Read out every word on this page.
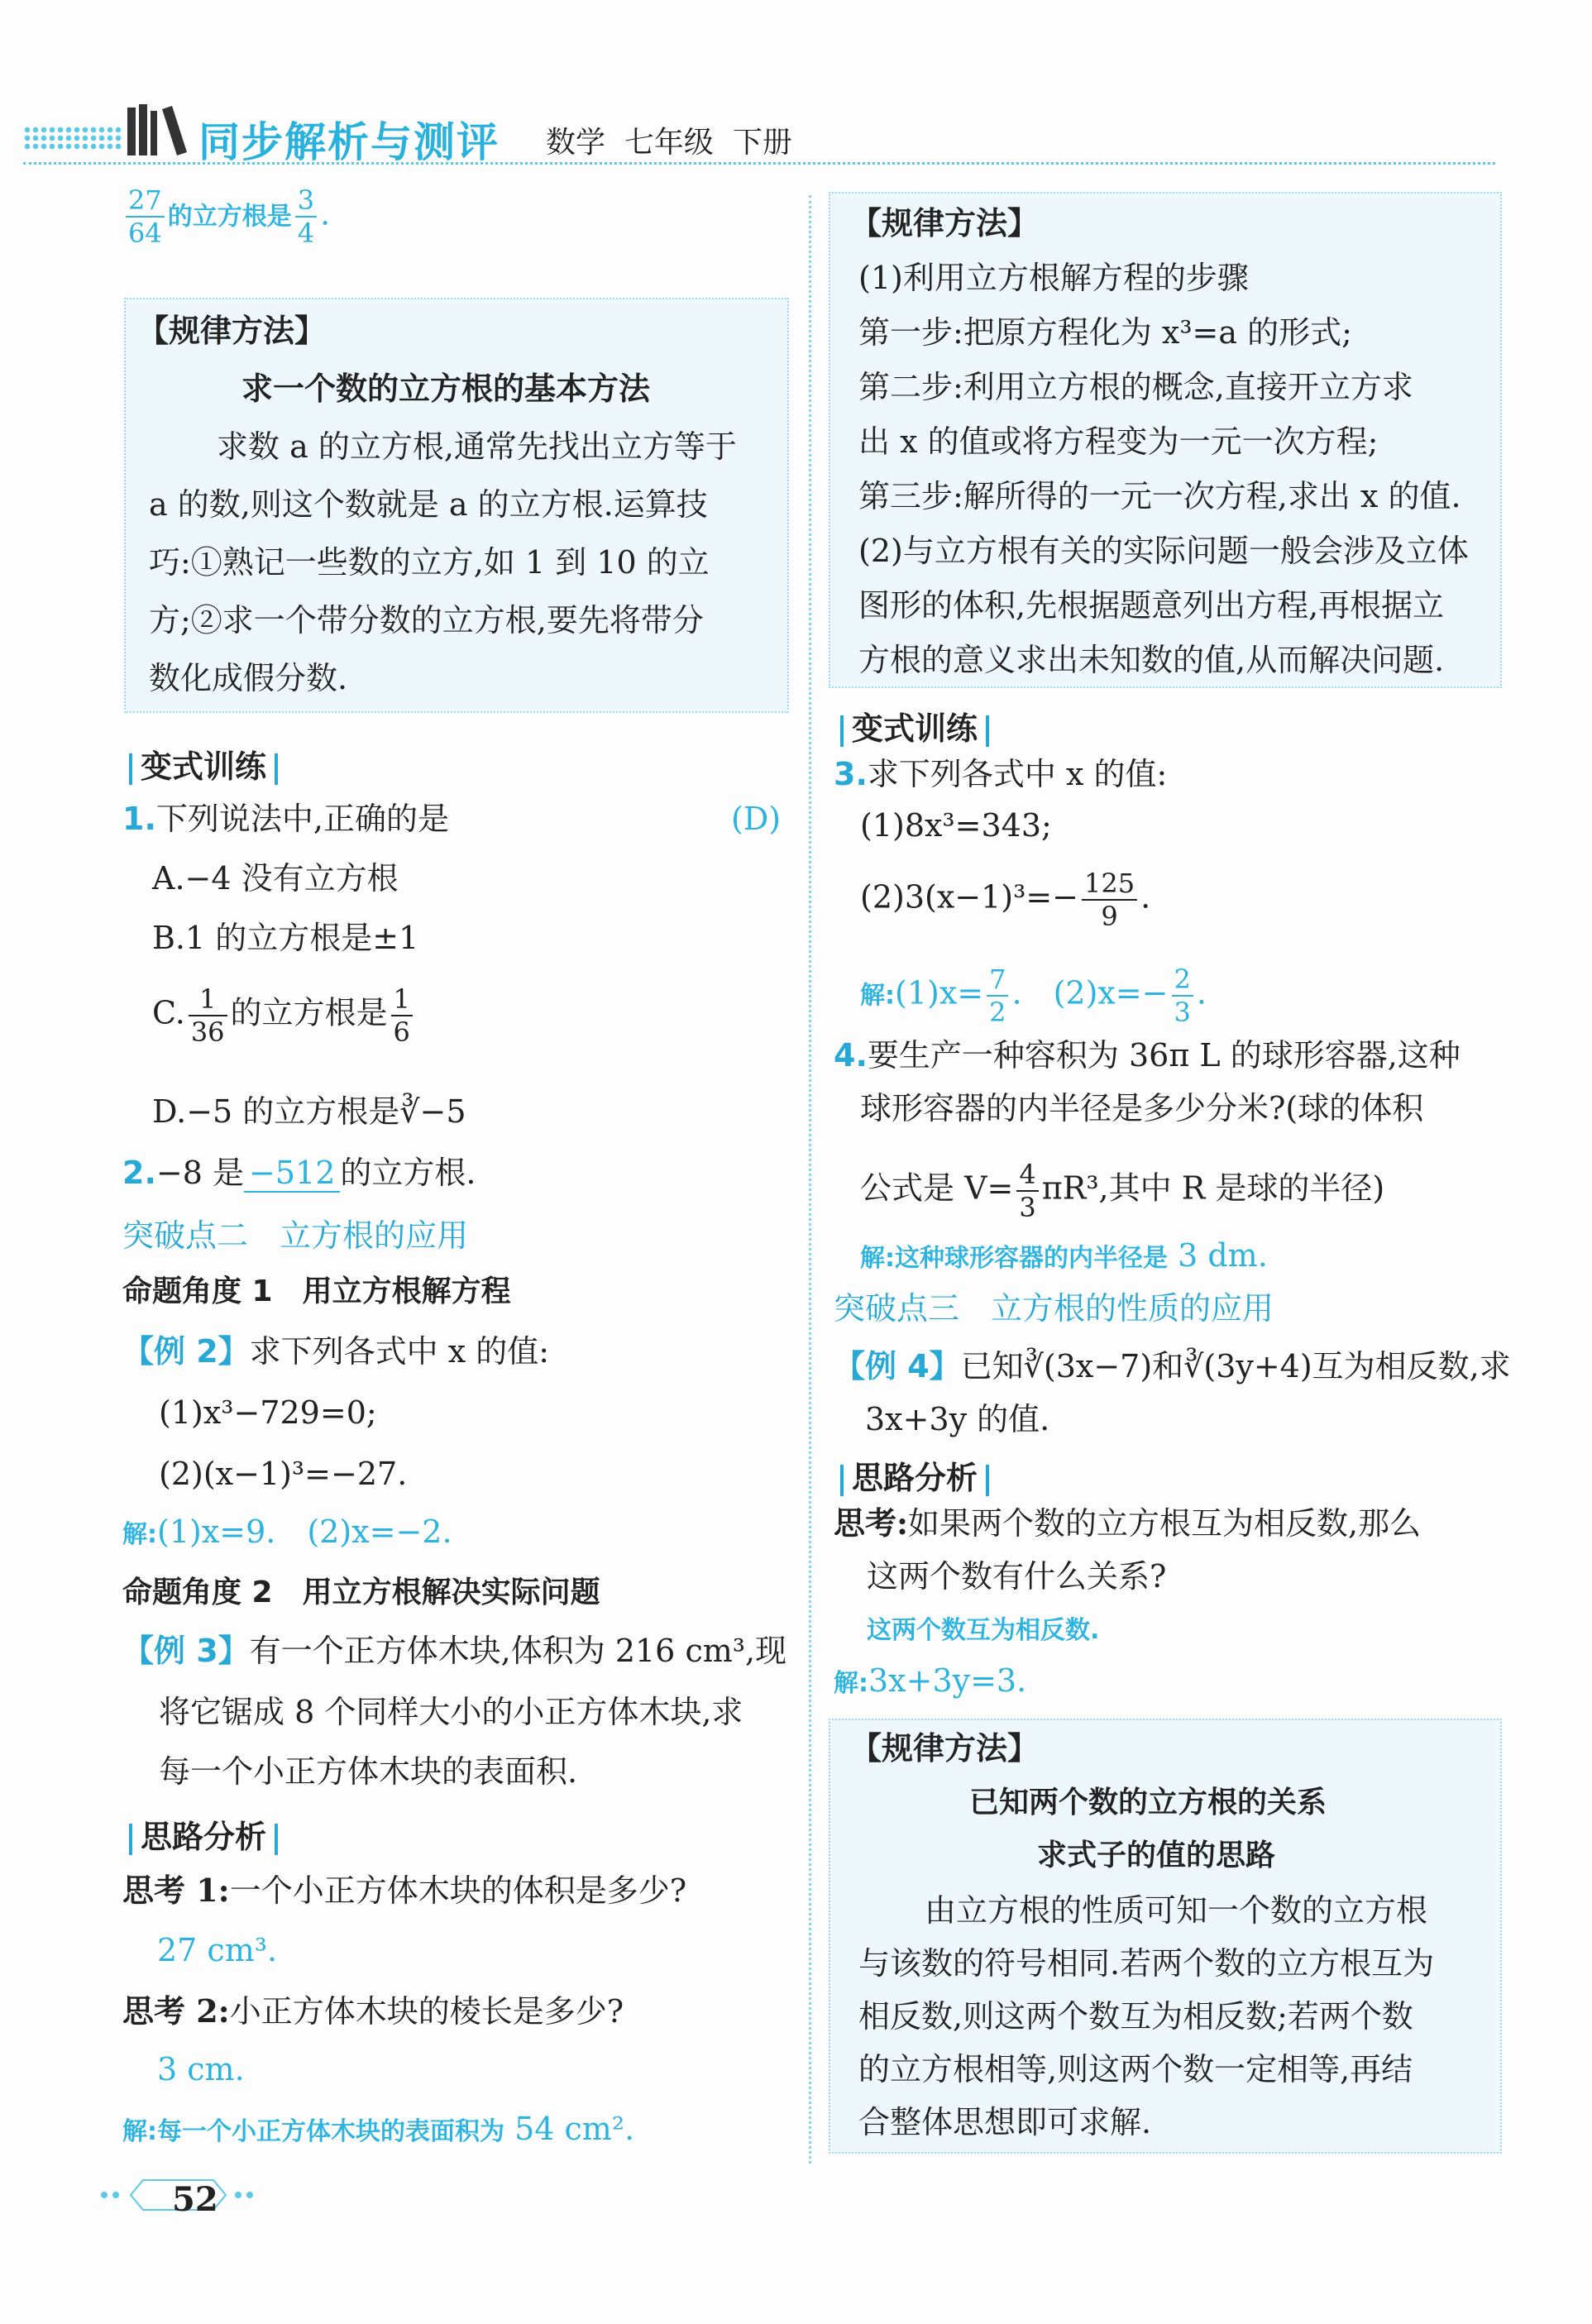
同步解析与测评 数学 七年级 下册
$\frac{27}{64}$ 的立方根是 $\frac{3}{4}$ .
【规律方法】
求一个数的立方根的基本方法
求数 a 的立方根,通常先找出立方等于
a 的数,则这个数就是 a 的立方根.运算技
巧:①熟记一些数的立方,如 1 到 10 的立
方;②求一个带分数的立方根,要先将带分
数化成假分数.
变式训练
1.下列说法中,正确的是	(D)
A.−4 没有立方根
B.1 的立方根是±1
C. $\frac{1}{36}$ 的立方根是 $\frac{1}{6}$
D.−5 的立方根是∛−5
2.−8 是 −512 的立方根.
突破点二　立方根的应用
命题角度 1　用立方根解方程
【例 2】求下列各式中 x 的值:
(1)x³−729=0;
(2)(x−1)³=−27.
解:(1)x=9.　(2)x=−2.
命题角度 2　用立方根解决实际问题
【例 3】有一个正方体木块,体积为 216 cm³,现
将它锯成 8 个同样大小的小正方体木块,求
每一个小正方体木块的表面积.
思路分析
思考 1:一个小正方体木块的体积是多少?
27 cm³.
思考 2:小正方体木块的棱长是多少?
3 cm.
解:每一个小正方体木块的表面积为 54 cm².
52
【规律方法】
(1)利用立方根解方程的步骤
第一步:把原方程化为 x³=a 的形式;
第二步:利用立方根的概念,直接开立方求
出 x 的值或将方程变为一元一次方程;
第三步:解所得的一元一次方程,求出 x 的值.
(2)与立方根有关的实际问题一般会涉及立体
图形的体积,先根据题意列出方程,再根据立
方根的意义求出未知数的值,从而解决问题.
变式训练
3.求下列各式中 x 的值:
(1)8x³=343;
$(2)3(x-1)^3=- \frac{125}{9}$ .
解:(1)x= $\frac{7}{2}$ .　$(2)x=- \frac{2}{3}$ .
4.要生产一种容积为 36π L 的球形容器,这种
球形容器的内半径是多少分米?(球的体积
公式是 $V= \frac{4}{3} \pi R^3$,其中 R 是球的半径)
解:这种球形容器的内半径是 3 dm.
突破点三　立方根的性质的应用
【例 4】已知∛(3x−7)和∛(3y+4)互为相反数,求
3x+3y 的值.
思路分析
思考:如果两个数的立方根互为相反数,那么
这两个数有什么关系?
这两个数互为相反数.
解:3x+3y=3.
【规律方法】
已知两个数的立方根的关系
求式子的值的思路
由立方根的性质可知一个数的立方根
与该数的符号相同.若两个数的立方根互为
相反数,则这两个数互为相反数;若两个数
的立方根相等,则这两个数一定相等,再结
合整体思想即可求解.
